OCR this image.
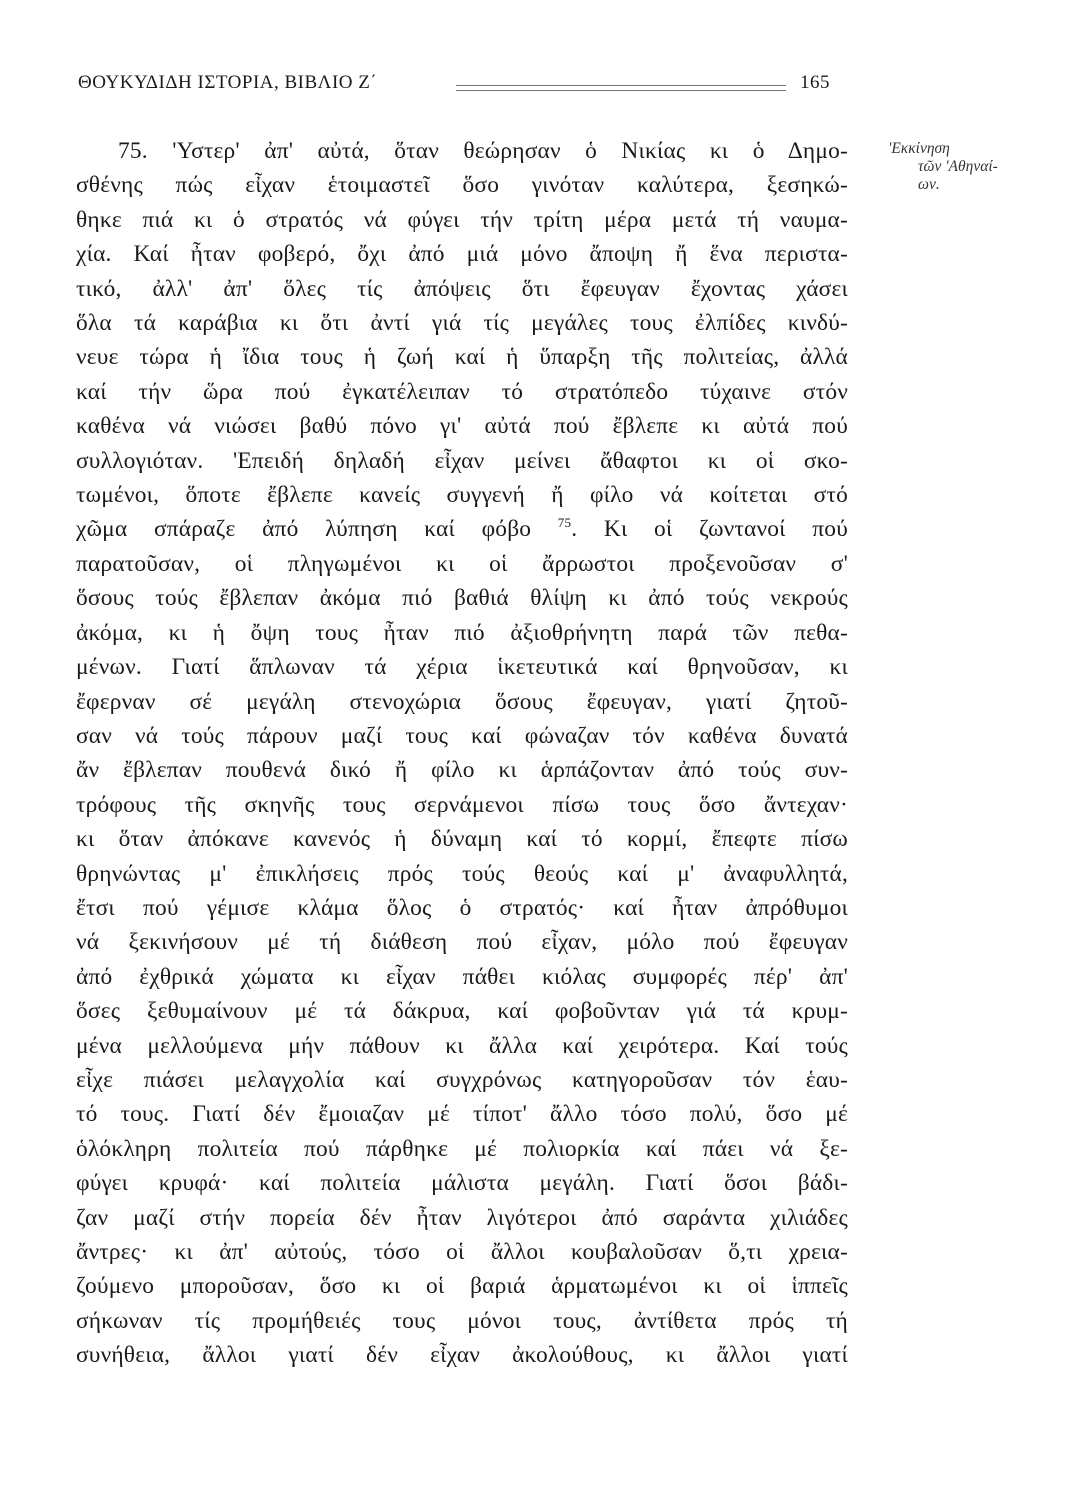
ΘΟΥΚΥΔΙΔΗ ΙΣΤΟΡΙΑ, ΒΙΒΛΙΟ Ζ΄	165
'Εκκίνηση
τῶν 'Αθηναί-
ων.
75. 'Υστερ' ἀπ' αὐτά, ὅταν θεώρησαν ὁ Νικίας κι ὁ Δημο-
σθένης πώς εἶχαν ἑτοιμαστεῖ ὅσο γινόταν καλύτερα, ξεσηκώ-
θηκε πιά κι ὁ στρατός νά φύγει τήν τρίτη μέρα μετά τή ναυμα-
χία. Καί ἦταν φοβερό, ὄχι ἀπό μιά μόνο ἄποψη ἤ ἕνα περιστα-
τικό, ἀλλ' ἀπ' ὅλες τίς ἀπόψεις ὅτι ἔφευγαν ἔχοντας χάσει
ὅλα τά καράβια κι ὅτι ἀντί γιά τίς μεγάλες τους ἐλπίδες κινδύ-
νευε τώρα ἡ ἴδια τους ἡ ζωή καί ἡ ὕπαρξη τῆς πολιτείας, ἀλλά
καί τήν ὥρα πού ἐγκατέλειπαν τό στρατόπεδο τύχαινε στόν
καθένα νά νιώσει βαθύ πόνο γι' αὐτά πού ἔβλεπε κι αὐτά πού
συλλογιόταν. 'Επειδή δηλαδή εἶχαν μείνει ἄθαφτοι κι οἱ σκο-
τωμένοι, ὅποτε ἔβλεπε κανείς συγγενή ἤ φίλο νά κοίτεται στό
χῶμα σπάραζε ἀπό λύπηση καί φόβο $^{75}$. Κι οἱ ζωντανοί πού
παρατοῦσαν, οἱ πληγωμένοι κι οἱ ἄρρωστοι προξενοῦσαν σ'
ὅσους τούς ἔβλεπαν ἀκόμα πιό βαθιά θλίψη κι ἀπό τούς νεκρούς
ἀκόμα, κι ἡ ὄψη τους ἦταν πιό ἀξιοθρήνητη παρά τῶν πεθα-
μένων. Γιατί ἅπλωναν τά χέρια ἱκετευτικά καί θρηνοῦσαν, κι
ἔφερναν σέ μεγάλη στενοχώρια ὅσους ἔφευγαν, γιατί ζητοῦ-
σαν νά τούς πάρουν μαζί τους καί φώναζαν τόν καθένα δυνατά
ἄν ἔβλεπαν πουθενά δικό ἤ φίλο κι ἁρπάζονταν ἀπό τούς συν-
τρόφους τῆς σκηνῆς τους σερνάμενοι πίσω τους ὅσο ἄντεχαν·
κι ὅταν ἀπόκανε κανενός ἡ δύναμη καί τό κορμί, ἔπεφτε πίσω
θρηνώντας μ' ἐπικλήσεις πρός τούς θεούς καί μ' ἀναφυλλητά,
ἔτσι πού γέμισε κλάμα ὅλος ὁ στρατός· καί ἦταν ἀπρόθυμοι
νά ξεκινήσουν μέ τή διάθεση πού εἶχαν, μόλο πού ἔφευγαν
ἀπό ἐχθρικά χώματα κι εἶχαν πάθει κιόλας συμφορές πέρ' ἀπ'
ὅσες ξεθυμαίνουν μέ τά δάκρυα, καί φοβοῦνταν γιά τά κρυμ-
μένα μελλούμενα μήν πάθουν κι ἄλλα καί χειρότερα. Καί τούς
εἶχε πιάσει μελαγχολία καί συγχρόνως κατηγοροῦσαν τόν ἑαυ-
τό τους. Γιατί δέν ἔμοιαζαν μέ τίποτ' ἄλλο τόσο πολύ, ὅσο μέ
ὁλόκληρη πολιτεία πού πάρθηκε μέ πολιορκία καί πάει νά ξε-
φύγει κρυφά· καί πολιτεία μάλιστα μεγάλη. Γιατί ὅσοι βάδι-
ζαν μαζί στήν πορεία δέν ἦταν λιγότεροι ἀπό σαράντα χιλιάδες
ἄντρες· κι ἀπ' αὐτούς, τόσο οἱ ἄλλοι κουβαλοῦσαν ὅ,τι χρεια-
ζούμενο μποροῦσαν, ὅσο κι οἱ βαριά ἁρματωμένοι κι οἱ ἱππεῖς
σήκωναν τίς προμήθειές τους μόνοι τους, ἀντίθετα πρός τή
συνήθεια, ἄλλοι γιατί δέν εἶχαν ἀκολούθους, κι ἄλλοι γιατί
